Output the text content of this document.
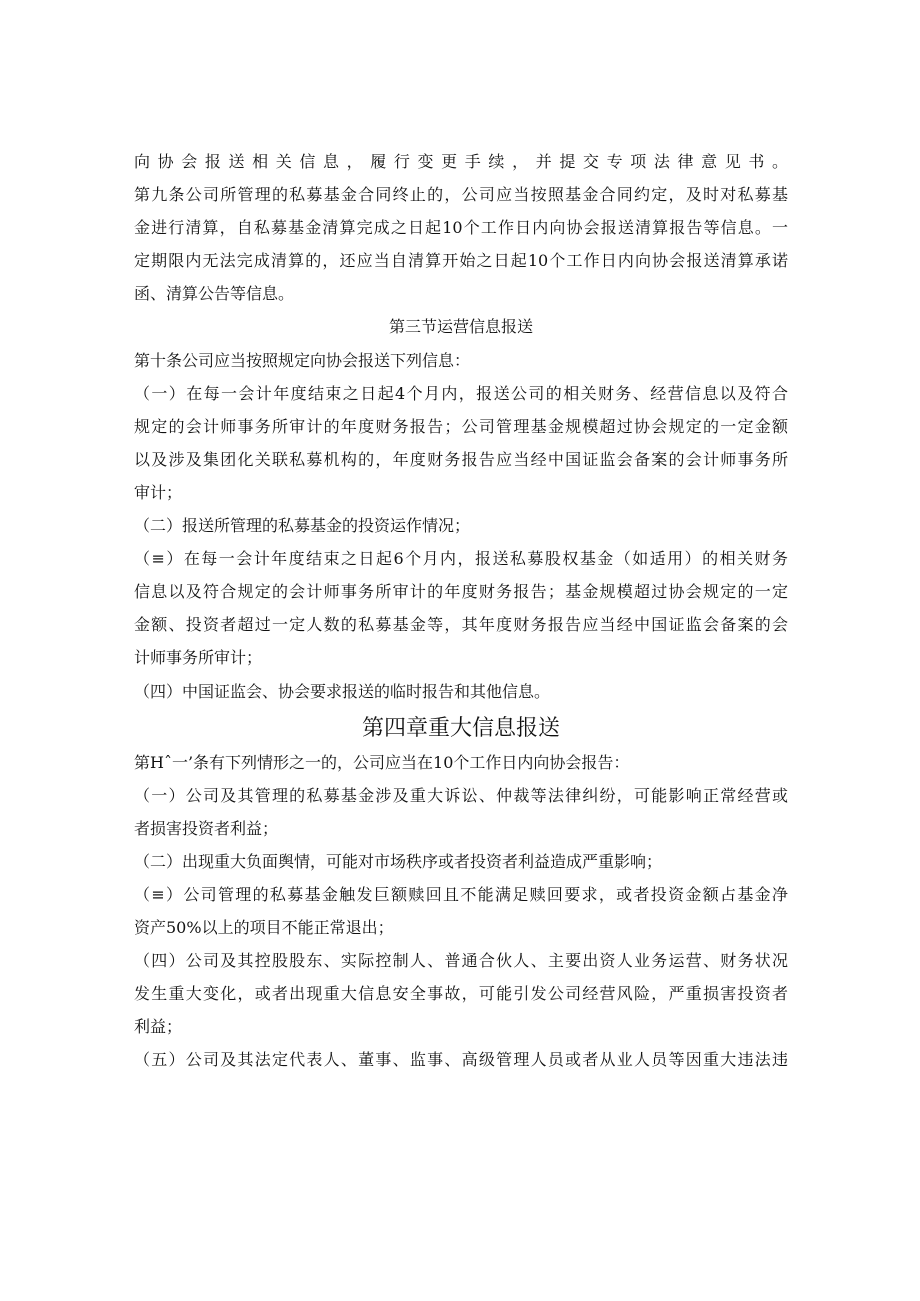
向协会报送相关信息，履行变更手续，并提交专项法律意见书。
第九条公司所管理的私募基金合同终止的，公司应当按照基金合同约定，及时对私募基
金进行清算，自私募基金清算完成之日起10个工作日内向协会报送清算报告等信息。一
定期限内无法完成清算的，还应当自清算开始之日起10个工作日内向协会报送清算承诺
函、清算公告等信息。
第三节运营信息报送
第十条公司应当按照规定向协会报送下列信息：
（一）在每一会计年度结束之日起4个月内，报送公司的相关财务、经营信息以及符合
规定的会计师事务所审计的年度财务报告；公司管理基金规模超过协会规定的一定金额
以及涉及集团化关联私募机构的，年度财务报告应当经中国证监会备案的会计师事务所
审计；
（二）报送所管理的私募基金的投资运作情况；
（≡）在每一会计年度结束之日起6个月内，报送私募股权基金（如适用）的相关财务
信息以及符合规定的会计师事务所审计的年度财务报告；基金规模超过协会规定的一定
金额、投资者超过一定人数的私募基金等，其年度财务报告应当经中国证监会备案的会
计师事务所审计；
（四）中国证监会、协会要求报送的临时报告和其他信息。
第四章重大信息报送
第Hˆ一’条有下列情形之一的，公司应当在10个工作日内向协会报告：
（一）公司及其管理的私募基金涉及重大诉讼、仲裁等法律纠纷，可能影响正常经营或
者损害投资者利益；
（二）出现重大负面舆情，可能对市场秩序或者投资者利益造成严重影响；
（≡）公司管理的私募基金触发巨额赎回且不能满足赎回要求，或者投资金额占基金净
资产50%以上的项目不能正常退出；
（四）公司及其控股股东、实际控制人、普通合伙人、主要出资人业务运营、财务状况
发生重大变化，或者出现重大信息安全事故，可能引发公司经营风险，严重损害投资者
利益；
（五）公司及其法定代表人、董事、监事、高级管理人员或者从业人员等因重大违法违
